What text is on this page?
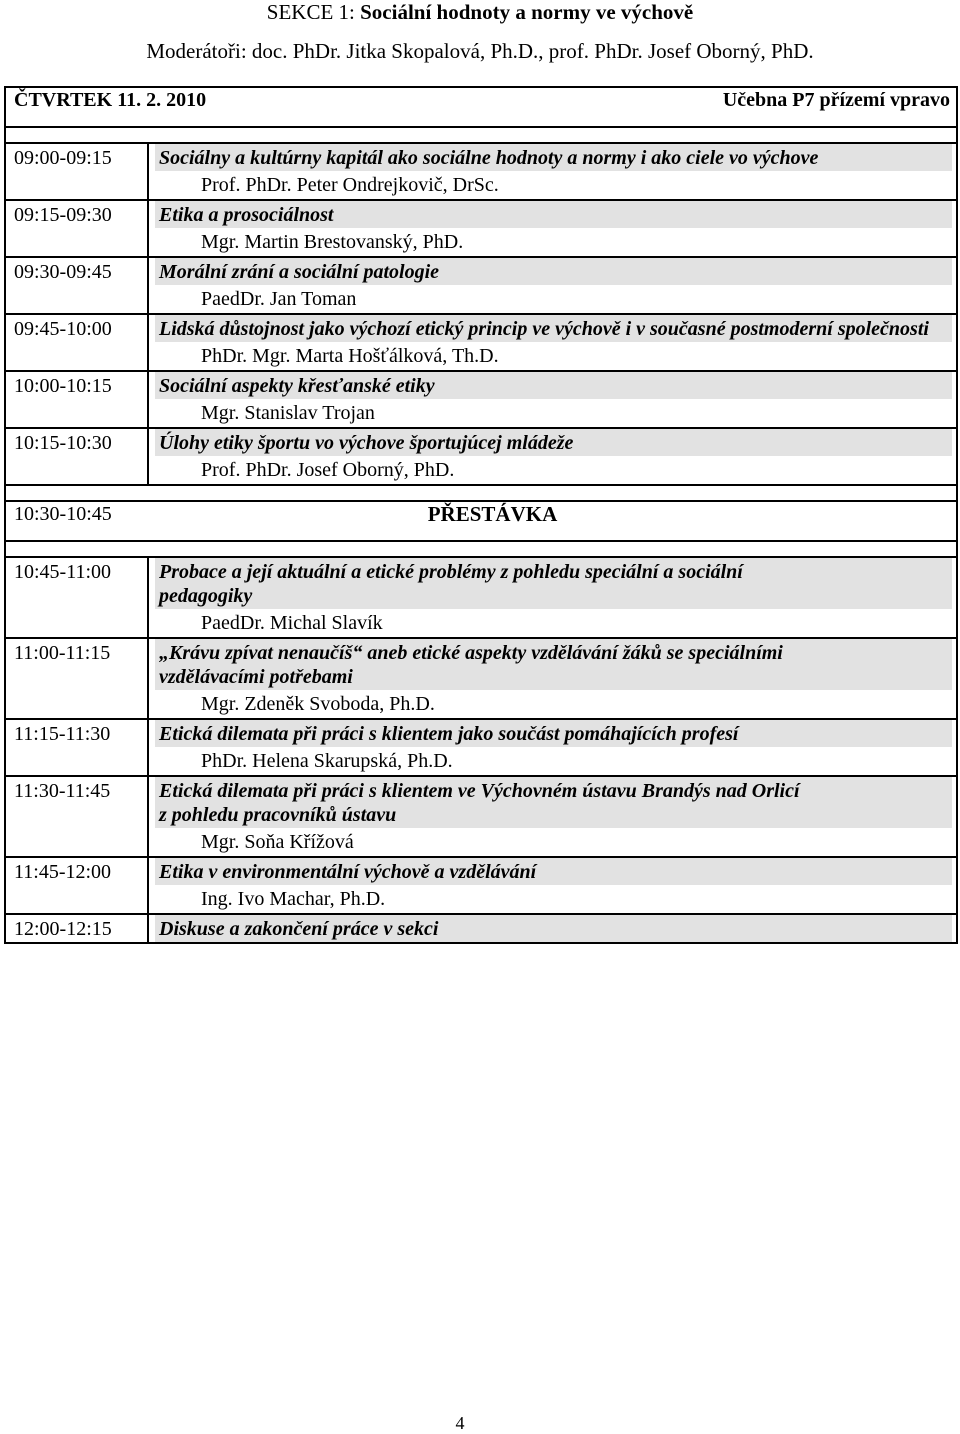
SEKCE 1: Sociální hodnoty a normy ve výchově
Moderátoři: doc. PhDr. Jitka Skopalová, Ph.D., prof. PhDr. Josef Oborný, PhD.
ČTVRTEK 11. 2. 2010 Učebna P7 přízemí vpravo	

09:00-09:15	Sociálny a kultúrny kapitál ako sociálne hodnoty a normy i ako ciele vo výchove
Prof. PhDr. Peter Ondrejkovič, DrSc.

09:15-09:30	Etika a prosociálnost
Mgr. Martin Brestovanský, PhD.

09:30-09:45	Morální zrání a sociální patologie
PaedDr. Jan Toman

09:45-10:00	Lidská důstojnost jako výchozí etický princip ve výchově i v současné postmoderní společnosti
PhDr. Mgr. Marta Hošťálková, Th.D.

10:00-10:15	Sociální aspekty křesťanské etiky
Mgr. Stanislav Trojan

10:15-10:30	Úlohy etiky športu vo výchove športujúcej mládeže
Prof. PhDr. Josef Oborný, PhD.

10:30-10:45 PŘESTÁVKA	

10:45-11:00	Probace a její aktuální a etické problémy z pohledu speciální a sociální
pedagogiky
PaedDr. Michal Slavík

11:00-11:15	„Krávu zpívat nenaučíš“ aneb etické aspekty vzdělávání žáků se speciálními
vzdělávacími potřebami
Mgr. Zdeněk Svoboda, Ph.D.

11:15-11:30	Etická dilemata při práci s klientem jako součást pomáhajících profesí
PhDr. Helena Skarupská, Ph.D.

11:30-11:45	Etická dilemata při práci s klientem ve Výchovném ústavu Brandýs nad Orlicí
z pohledu pracovníků ústavu
Mgr. Soňa Křížová

11:45-12:00	Etika v environmentální výchově a vzdělávání
Ing. Ivo Machar, Ph.D.

12:00-12:15	Diskuse a zakončení práce v sekci
4
